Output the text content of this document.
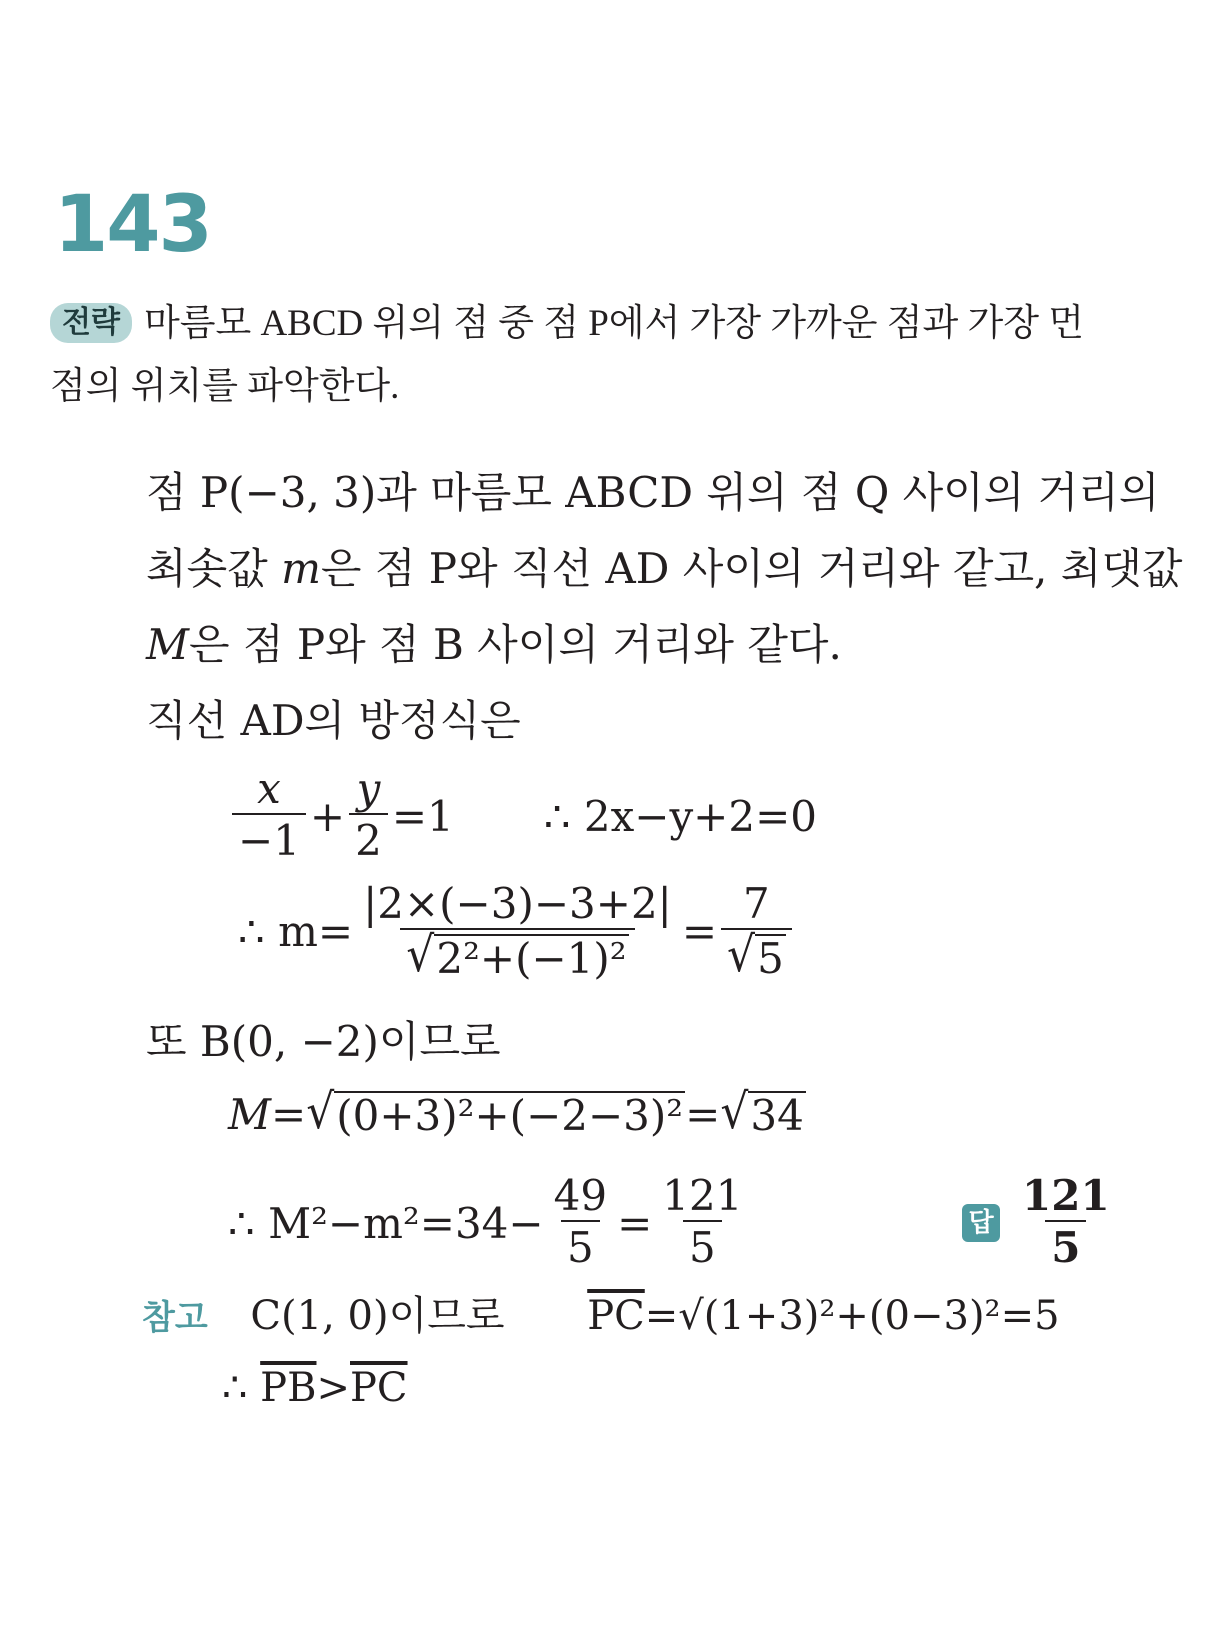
143
전략 마름모 ABCD 위의 점 중 점 P에서 가장 가까운 점과 가장 먼 점의 위치를 파악한다.

점 P(−3, 3)과 마름모 ABCD 위의 점 Q 사이의 거리의 최솟값 m은 점 P와 직선 AD 사이의 거리와 같고, 최댓값 M은 점 P와 점 B 사이의 거리와 같다.

직선 AD의 방정식은

$\frac{x}{-1} + \frac{y}{2} =1$ ∴ 2x−y+2=0
∴ $m= \frac{|2\times(-3)-3+2|}{\text{√ 2²+(−1)²}} = \frac{7}{√ 5}$
또 B(0, −2)이므로
M= √ (0+3)²+(−2−3)² = √ 34
∴ $M^2-m^2=34- \frac{49}{5} = \frac{121}{5}$	답 $\frac{121}{5}$
참고 C(1, 0)이므로 $\overline{PC}=√(1+3)^2+(0-3)^2=5$
∴ $\overline{PB}>\overline{PC}$
